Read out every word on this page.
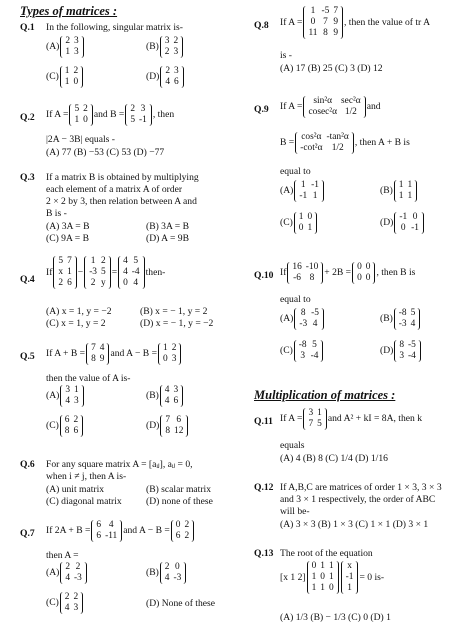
Types of matrices :
Q.1 In the following, singular matrix is-
(A) 2	3
1	3	(B) 3	2
2	3
(C) 1	2
1	0	(D) 2	3
4	6
Q.2 If A = 5	2
1	0 and B = 2	3
5	-1 , then
|2A − 3B| equals -
(A) 77 (B) −53 (C) 53 (D) −77
Q.3 If a matrix B is obtained by multiplying
each element of a matrix A of order
2 × 2 by 3, then relation between A and
B is -
(A) 3A = B	(B) 3A = B
(C) 9A = B	(D) A = 9B
Q.4
If
5	7
x	1
2	6
−
1	2
-3	5
2	y
=
4	5
4	-4
0	4
then-
(A) x = 1, y = −2	(B) x = − 1, y = 2
(C) x = 1, y = 2	(D) x = − 1, y = −2
Q.5 If A + B = 7	4
8	9 and A − B = 1	2
0	3
then the value of A is-
(A) 3	1
4	3	(B) 4	3
4	6
(C) 6	2
8	6	(D) 7	6
8	12
Q.6 For any square matrix A = [aᵢⱼ], aᵢⱼ = 0,
when i ≠ j, then A is-
(A) unit matrix	(B) scalar matrix
(C) diagonal matrix	(D) none of these
Q.7 If 2A + B = 6	4
6	-11 and A − B = 0	2
6	2
then A =
(A) 2	2
4	-3	(B) 2	0
4	-3
(C) 2	2
4	3	(D) None of these
Q.8 If A =
1	-5	7
0	7	9
11	8	9
, then the value of tr A
is -
(A) 17 (B) 25 (C) 3 (D) 12
Q.9 If A = sin²α	sec²α
cosec²α	1/2 and
B = cos²α	-tan²α
-cot²α	1/2 , then A + B is
equal to
(A) 1	-1
-1	1	(B) 1	1
1	1
(C) 1	0
0	1	(D) -1	0
0	-1
Q.10 If 16	-10
-6	8 + 2B = 0	0
0	0 , then B is
equal to
(A) 8	-5
-3	4	(B) -8	5
-3	4
(C) -8	5
3	-4	(D) 8	-5
3	-4
Multiplication of matrices :
Q.11 If A = 3	1
7	5 and A² + kI = 8A, then k
equals
(A) 4 (B) 8 (C) 1/4 (D) 1/16
Q.12 If A,B,C are matrices of order 1 × 3, 3 × 3
and 3 × 1 respectively, the order of ABC
will be-
(A) 3 × 3 (B) 1 × 3 (C) 1 × 1 (D) 3 × 1
Q.13 The root of the equation
[x 1 2]
0	1	1
1	0	1
1	1	0
x
-1
1
= 0 is-
(A) 1/3 (B) − 1/3 (C) 0 (D) 1
